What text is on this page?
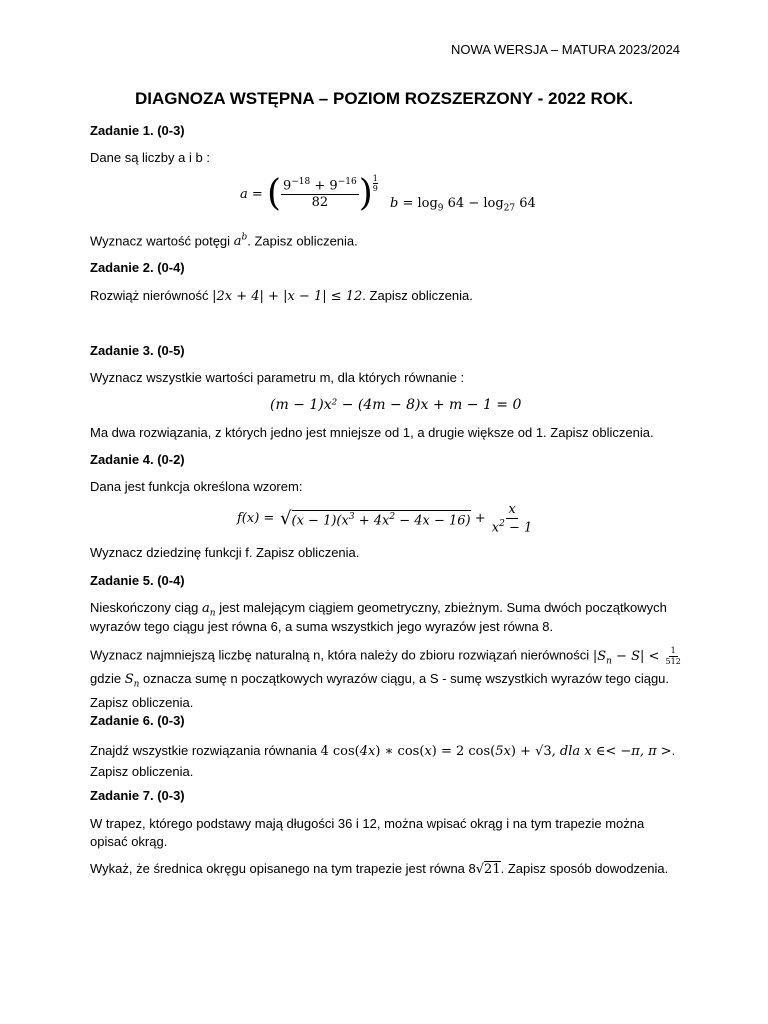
NOWA WERSJA – MATURA 2023/2024
DIAGNOZA WSTĘPNA – POZIOM ROZSZERZONY - 2022 ROK.
Zadanie 1. (0-3)
Dane są liczby a i b :
a = ( $\frac{9^{-18} + 9^{-16}}{82}$ ) 1
9
$b = \log_9 64 - \log_{27} 64$
Wyznacz wartość potęgi $a^b$. Zapisz obliczenia.
Zadanie 2. (0-4)
Rozwiąż nierówność |2x + 4| + |x − 1| ≤ 12. Zapisz obliczenia.
Zadanie 3. (0-5)
Wyznacz wszystkie wartości parametru m, dla których równanie :
(m − 1)x² − (4m − 8)x + m − 1 = 0
Ma dwa rozwiązania, z których jedno jest mniejsze od 1, a drugie większe od 1. Zapisz obliczenia.
Zadanie 4. (0-2)
Dana jest funkcja określona wzorem:
f(x) = √ $(x - 1)(x^3 + 4x^2 - 4x - 16) + \frac{x}{x^2 - 1}$
Wyznacz dziedzinę funkcji f. Zapisz obliczenia.
Zadanie 5. (0-4)
Nieskończony ciąg $a_n$ jest malejącym ciągiem geometryczny, zbieżnym. Suma dwóch początkowych
wyrazów tego ciągu jest równa 6, a suma wszystkich jego wyrazów jest równa 8.
Wyznacz najmniejszą liczbę naturalną n, która należy do zbioru rozwiązań nierówności $|S_n - S| < \frac{1}{512}$

gdzie $S_n$ oznacza sumę n początkowych wyrazów ciągu, a S - sumę wszystkich wyrazów tego ciągu.
Zapisz obliczenia.
Zadanie 6. (0-3)
Znajdź wszystkie rozwiązania równania 4 cos(4x) ∗ cos(x) = 2 cos(5x) + √3, dla x ∈< −π, π >.
Zapisz obliczenia.
Zadanie 7. (0-3)
W trapez, którego podstawy mają długości 36 i 12, można wpisać okrąg i na tym trapezie można
opisać okrąg.
Wykaż, że średnica okręgu opisanego na tym trapezie jest równa 8√21. Zapisz sposób dowodzenia.
